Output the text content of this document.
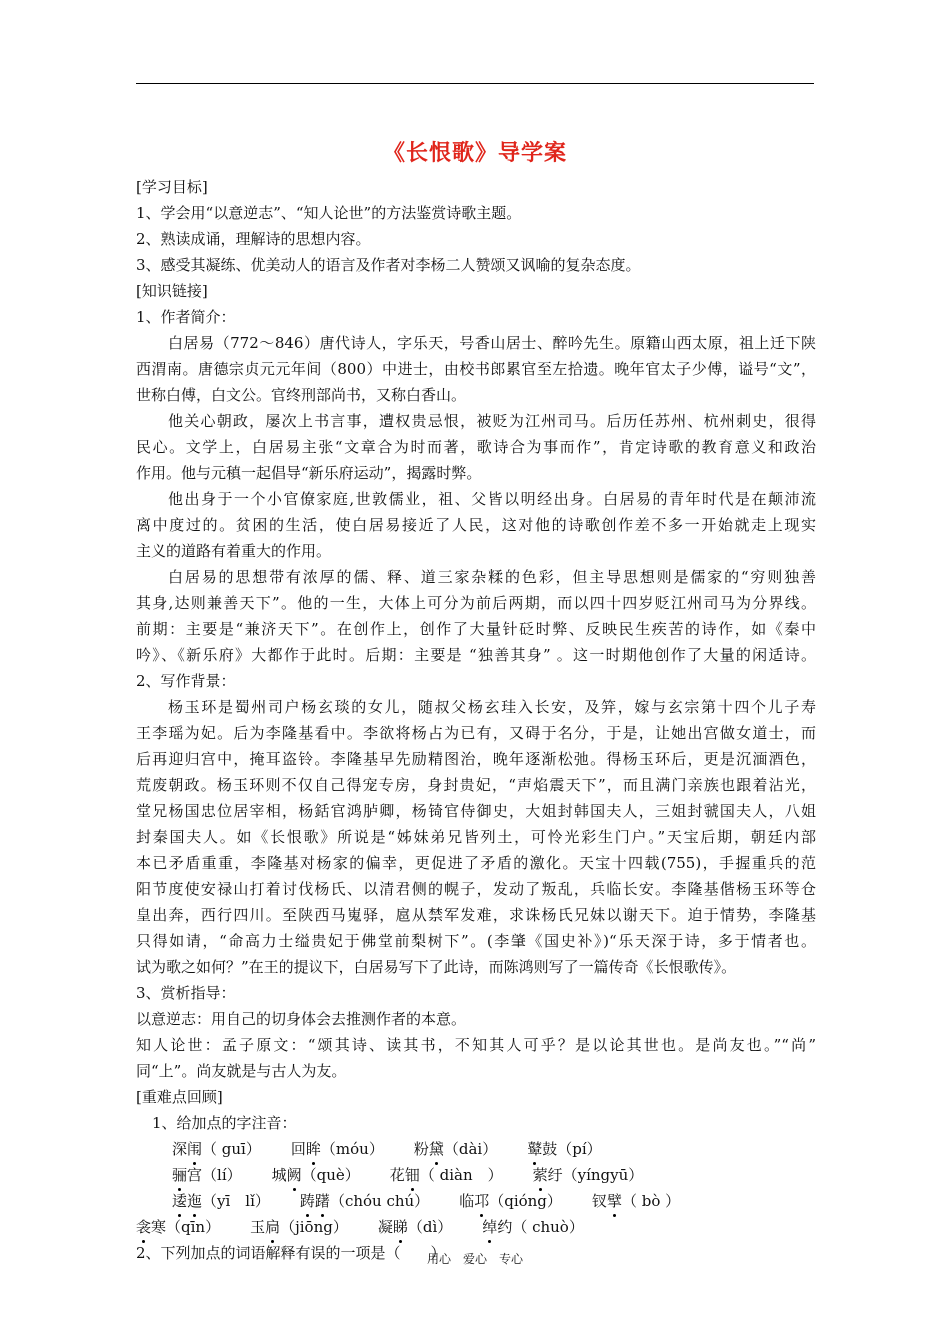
《长恨歌》导学案
[学习目标]
1、学会用“以意逆志”、“知人论世”的方法鉴赏诗歌主题。
2、熟读成诵，理解诗的思想内容。
3、感受其凝练、优美动人的语言及作者对李杨二人赞颂又讽喻的复杂态度。
[知识链接]
1、作者简介：
白居易（772～846）唐代诗人，字乐天，号香山居士、醉吟先生。原籍山西太原，祖上迁下陕
西渭南。唐德宗贞元元年间（800）中进士，由校书郎累官至左拾遗。晚年官太子少傅，谥号“文”，
世称白傅，白文公。官终刑部尚书，又称白香山。
他关心朝政，屡次上书言事，遭权贵忌恨，被贬为江州司马。后历任苏州、杭州刺史，很得
民心。文学上，白居易主张“文章合为时而著，歌诗合为事而作”，肯定诗歌的教育意义和政治
作用。他与元稹一起倡导“新乐府运动”，揭露时弊。
他出身于一个小官僚家庭,世敦儒业，祖、父皆以明经出身。白居易的青年时代是在颠沛流
离中度过的。贫困的生活，使白居易接近了人民，这对他的诗歌创作差不多一开始就走上现实
主义的道路有着重大的作用。
白居易的思想带有浓厚的儒、释、道三家杂糅的色彩，但主导思想则是儒家的“穷则独善
其身,达则兼善天下”。他的一生，大体上可分为前后两期，而以四十四岁贬江州司马为分界线。
前期：主要是“兼济天下”。在创作上，创作了大量针砭时弊、反映民生疾苦的诗作，如《秦中
吟》、《新乐府》大都作于此时。后期：主要是 “独善其身” 。这一时期他创作了大量的闲适诗。
2、写作背景：
杨玉环是蜀州司户杨玄琰的女儿，随叔父杨玄珪入长安，及笄，嫁与玄宗第十四个儿子寿
王李瑶为妃。后为李隆基看中。李欲将杨占为已有，又碍于名分，于是，让她出宫做女道士，而
后再迎归宫中，掩耳盗铃。李隆基早先励精图治，晚年逐渐松弛。得杨玉环后，更是沉湎酒色，
荒废朝政。杨玉环则不仅自己得宠专房，身封贵妃，“声焰震天下”，而且满门亲族也跟着沾光，
堂兄杨国忠位居宰相，杨銛官鸿胪卿，杨锜官侍御史，大姐封韩国夫人，三姐封虢国夫人，八姐
封秦国夫人。如《长恨歌》所说是“姊妹弟兄皆列土，可怜光彩生门户。”天宝后期，朝廷内部
本已矛盾重重，李隆基对杨家的偏幸，更促进了矛盾的激化。天宝十四载(755)，手握重兵的范
阳节度使安禄山打着讨伐杨氏、以清君侧的幌子，发动了叛乱，兵临长安。李隆基偕杨玉环等仓
皇出奔，西行四川。至陕西马嵬驿，扈从禁军发难，求诛杨氏兄妹以谢天下。迫于情势，李隆基
只得如请，“命高力士缢贵妃于佛堂前梨树下”。(李肇《国史补》)“乐天深于诗，多于情者也。
试为歌之如何？”在王的提议下，白居易写下了此诗，而陈鸿则写了一篇传奇《长恨歌传》。
3、赏析指导：
以意逆志：用自己的切身体会去推测作者的本意。
知人论世：孟子原文：“颂其诗、读其书，不知其人可乎？是以论其世也。是尚友也。”“尚”
同“上”。尚友就是与古人为友。
[重难点回顾]
1、给加点的字注音：
深闱（ guī） 回眸（móu） 粉黛（dài） 鼙鼓（pí）
骊宫（lí） 城阙（què） 花钿（ diàn　） 萦纡（yíngyū）
逶迤（yī　lǐ） 踌躇（chóu chú） 临邛（qióng） 钗擘（ bò ）
衾寒（qīn） 玉扃（jiōng） 凝睇（dì） 绰约（ chuò）
2、下列加点的词语解释有误的一项是（　　）
用心　爱心　专心
